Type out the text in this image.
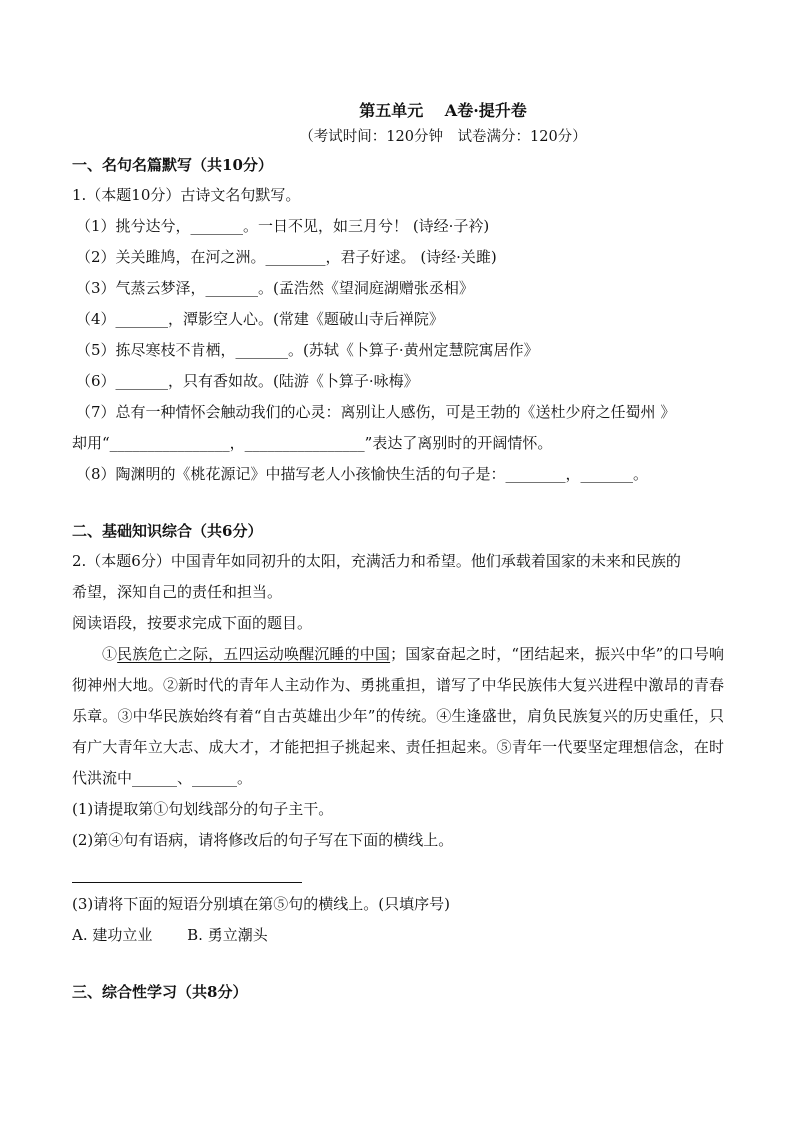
第五单元　 A卷·提升卷
（考试时间：120分钟　试卷满分：120分）
一、名句名篇默写（共10分）
1.（本题10分）古诗文名句默写。
（1）挑兮达兮，_______。一日不见，如三月兮！ (诗经·子衿)
（2）关关雎鸠，在河之洲。________，君子好逑。 (诗经·关雎)
（3）气蒸云梦泽，_______。(孟浩然《望洞庭湖赠张丞相》
（4）_______，潭影空人心。(常建《题破山寺后禅院》
（5）拣尽寒枝不肯栖，_______。(苏轼《卜算子·黄州定慧院寓居作》
（6）_______，只有香如故。(陆游《卜算子·咏梅》
（7）总有一种情怀会触动我们的心灵：离别让人感伤，可是王勃的《送杜少府之任蜀州 》
却用“________________，________________”表达了离别时的开阔情怀。
（8）陶渊明的《桃花源记》中描写老人小孩愉快生活的句子是：________，_______。
二、基础知识综合（共6分）
2.（本题6分）中国青年如同初升的太阳，充满活力和希望。他们承载着国家的未来和民族的
希望，深知自己的责任和担当。
阅读语段，按要求完成下面的题目。
①民族危亡之际，五四运动唤醒沉睡的中国；国家奋起之时，“团结起来，振兴中华”的口号响彻神州大地。②新时代的青年人主动作为、勇挑重担，谱写了中华民族伟大复兴进程中激昂的青春乐章。③中华民族始终有着“自古英雄出少年”的传统。④生逢盛世，肩负民族复兴的历史重任，只有广大青年立大志、成大才，才能把担子挑起来、责任担起来。⑤青年一代要坚定理想信念，在时代洪流中______、______。
(1)请提取第①句划线部分的句子主干。
(2)第④句有语病，请将修改后的句子写在下面的横线上。
(3)请将下面的短语分别填在第⑤句的横线上。(只填序号)
A. 建功立业　　 B. 勇立潮头
三、综合性学习（共8分）
